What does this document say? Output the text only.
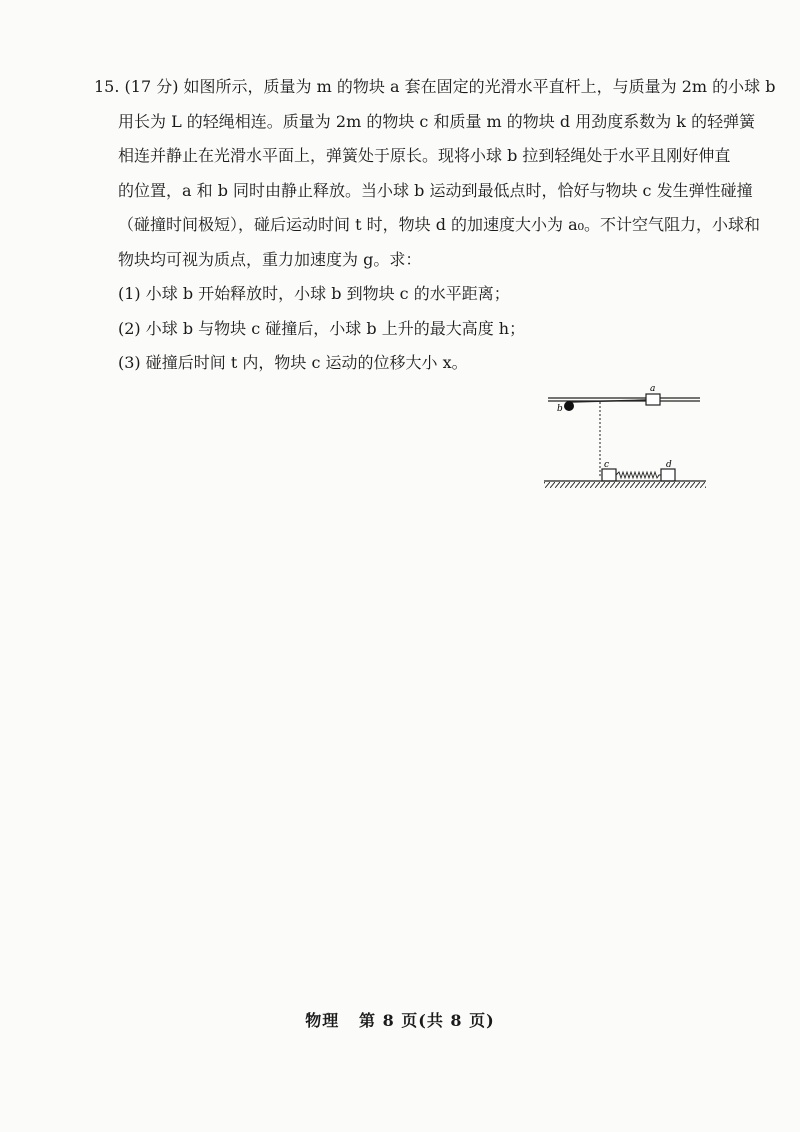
15. (17 分) 如图所示，质量为 m 的物块 a 套在固定的光滑水平直杆上，与质量为 2m 的小球 b

用长为 L 的轻绳相连。质量为 2m 的物块 c 和质量 m 的物块 d 用劲度系数为 k 的轻弹簧

相连并静止在光滑水平面上，弹簧处于原长。现将小球 b 拉到轻绳处于水平且刚好伸直

的位置，a 和 b 同时由静止释放。当小球 b 运动到最低点时，恰好与物块 c 发生弹性碰撞

（碰撞时间极短），碰后运动时间 t 时，物块 d 的加速度大小为 a₀。不计空气阻力，小球和

物块均可视为质点，重力加速度为 g。求：

(1) 小球 b 开始释放时，小球 b 到物块 c 的水平距离；

(2) 小球 b 与物块 c 碰撞后，小球 b 上升的最大高度 h；

(3) 碰撞后时间 t 内，物块 c 运动的位移大小 x。

a
b
c	d
物理 第 8 页(共 8 页)
